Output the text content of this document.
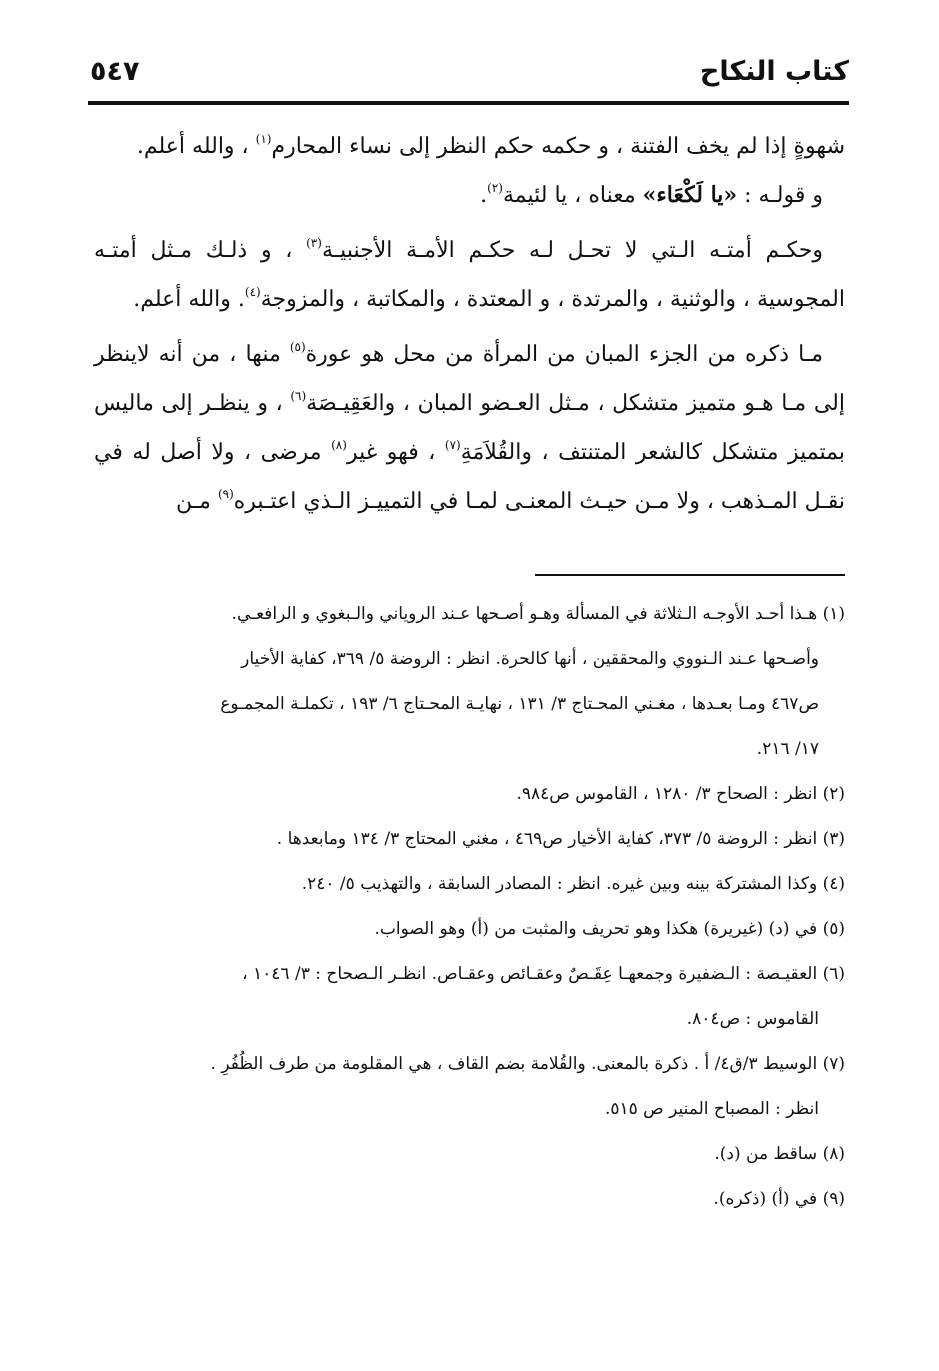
كتاب النكاح
٥٤٧

شهوةٍ إذا لم يخف الفتنة ، و حكمه حكم النظر إلى نساء المحارم$^{(١)}$ ، والله أعلم.

و قولـه : «يا لَكْعَاء» معناه ، يا لئيمة$^{(٢)}$.

وحكـم أمتـه الـتي لا تحـل لـه حكـم الأمـة الأجنبيـة$^{(٣)}$ ، و ذلـك مـثل أمتـه المجوسية ، والوثنية ، والمرتدة ، و المعتدة ، والمكاتبة ، والمزوجة$^{(٤)}$. والله أعلم.

مـا ذكره من الجزء المبان من المرأة من محل هو عورة$^{(٥)}$ منها ، من أنه لاينظر إلى مـا هـو متميز متشكل ، مـثل العـضو المبان ، والعَقِيـصَة$^{(٦)}$ ، و ينظـر إلى ماليس بمتميز متشكل كالشعر المتنتف ، والقُلاَمَةِ$^{(٧)}$ ، فهو غير$^{(٨)}$ مرضى ، ولا أصل له في نقـل المـذهب ، ولا مـن حيـث المعنـى لمـا في التمييـز الـذي اعتـبره$^{(٩)}$ مـن

(١) هـذا أحـد الأوجـه الـثلاثة في المسألة وهـو أصـحها عـند الروياني والـبغوي و الرافعـي.

وأصـحها عـند الـنووي والمحققين ، أنها كالحرة. انظر : الروضة ٥/ ٣٦٩، كفاية الأخيار

ص٤٦٧ ومـا بعـدها ، مغـني المحـتاج ٣/ ١٣١ ، نهايـة المحـتاج ٦/ ١٩٣ ، تكملـة المجمـوع

١٧/ ٢١٦.

(٢) انظر : الصحاح ٣/ ١٢٨٠ ، القاموس ص٩٨٤.

(٣) انظر : الروضة ٥/ ٣٧٣، كفاية الأخيار ص٤٦٩ ، مغني المحتاج ٣/ ١٣٤ ومابعدها .

(٤) وكذا المشتركة بينه وبين غيره. انظر : المصادر السابقة ، والتهذيب ٥/ ٢٤٠.

(٥) في (د) (غيريرة) هكذا وهو تحريف والمثبت من (أ) وهو الصواب.

(٦) العقيـصة : الـضفيرة وجمعهـا عِقَـصٌ وعقـائص وعقـاص. انظـر الـصحاح : ٣/ ١٠٤٦ ،

القاموس : ص٨٠٤.

(٧) الوسيط ٣/ق٤/ أ . ذكرة بالمعنى. والقُلامة بضم القاف ، هي المقلومة من طرف الظُفُرِ .

انظر : المصباح المنير ص ٥١٥.

(٨) ساقط من (د).

(٩) في (أ) (ذكره).
